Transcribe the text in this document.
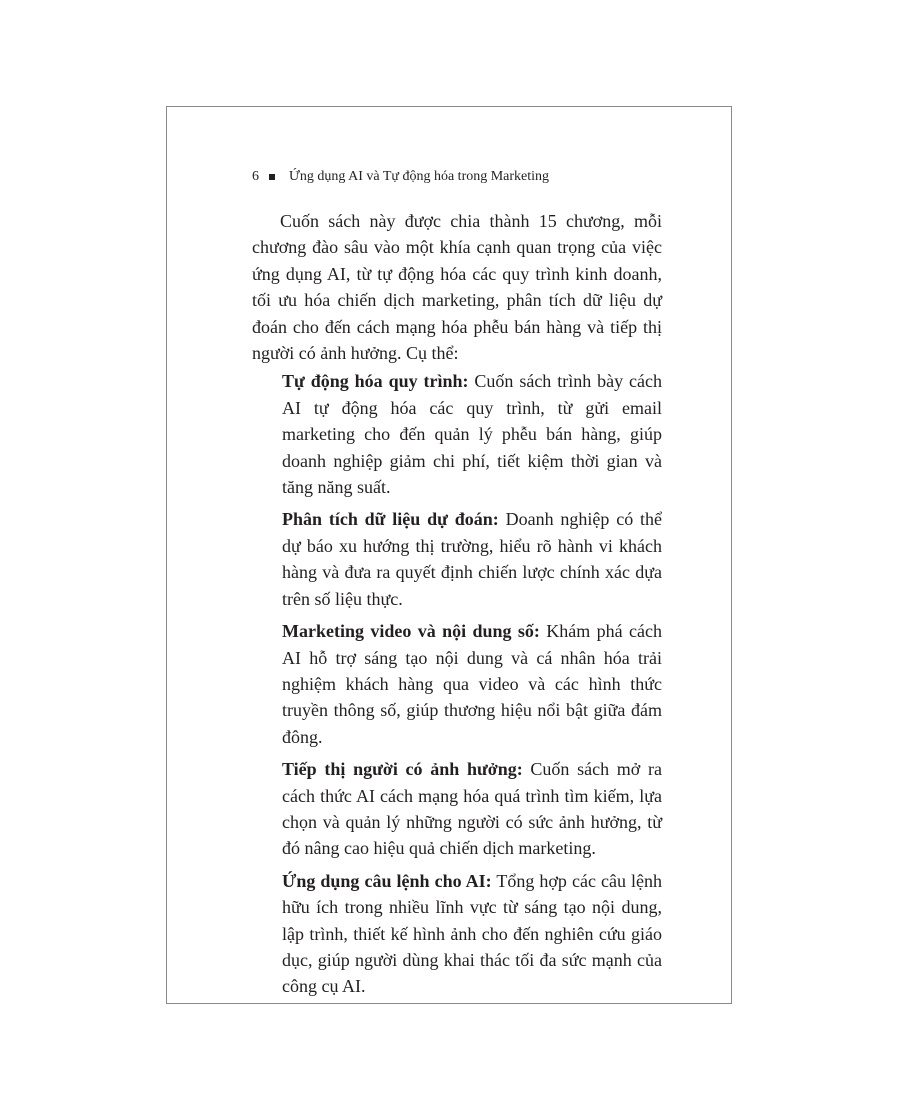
6 Ứng dụng AI và Tự động hóa trong Marketing

Cuốn sách này được chia thành 15 chương, mỗi chương đào sâu vào một khía cạnh quan trọng của việc ứng dụng AI, từ tự động hóa các quy trình kinh doanh, tối ưu hóa chiến dịch marketing, phân tích dữ liệu dự đoán cho đến cách mạng hóa phễu bán hàng và tiếp thị người có ảnh hưởng. Cụ thể:

Tự động hóa quy trình: Cuốn sách trình bày cách AI tự động hóa các quy trình, từ gửi email marketing cho đến quản lý phễu bán hàng, giúp doanh nghiệp giảm chi phí, tiết kiệm thời gian và tăng năng suất.

Phân tích dữ liệu dự đoán: Doanh nghiệp có thể dự báo xu hướng thị trường, hiểu rõ hành vi khách hàng và đưa ra quyết định chiến lược chính xác dựa trên số liệu thực.

Marketing video và nội dung số: Khám phá cách AI hỗ trợ sáng tạo nội dung và cá nhân hóa trải nghiệm khách hàng qua video và các hình thức truyền thông số, giúp thương hiệu nổi bật giữa đám đông.

Tiếp thị người có ảnh hưởng: Cuốn sách mở ra cách thức AI cách mạng hóa quá trình tìm kiếm, lựa chọn và quản lý những người có sức ảnh hưởng, từ đó nâng cao hiệu quả chiến dịch marketing.

Ứng dụng câu lệnh cho AI: Tổng hợp các câu lệnh hữu ích trong nhiều lĩnh vực từ sáng tạo nội dung, lập trình, thiết kế hình ảnh cho đến nghiên cứu giáo dục, giúp người dùng khai thác tối đa sức mạnh của công cụ AI.
